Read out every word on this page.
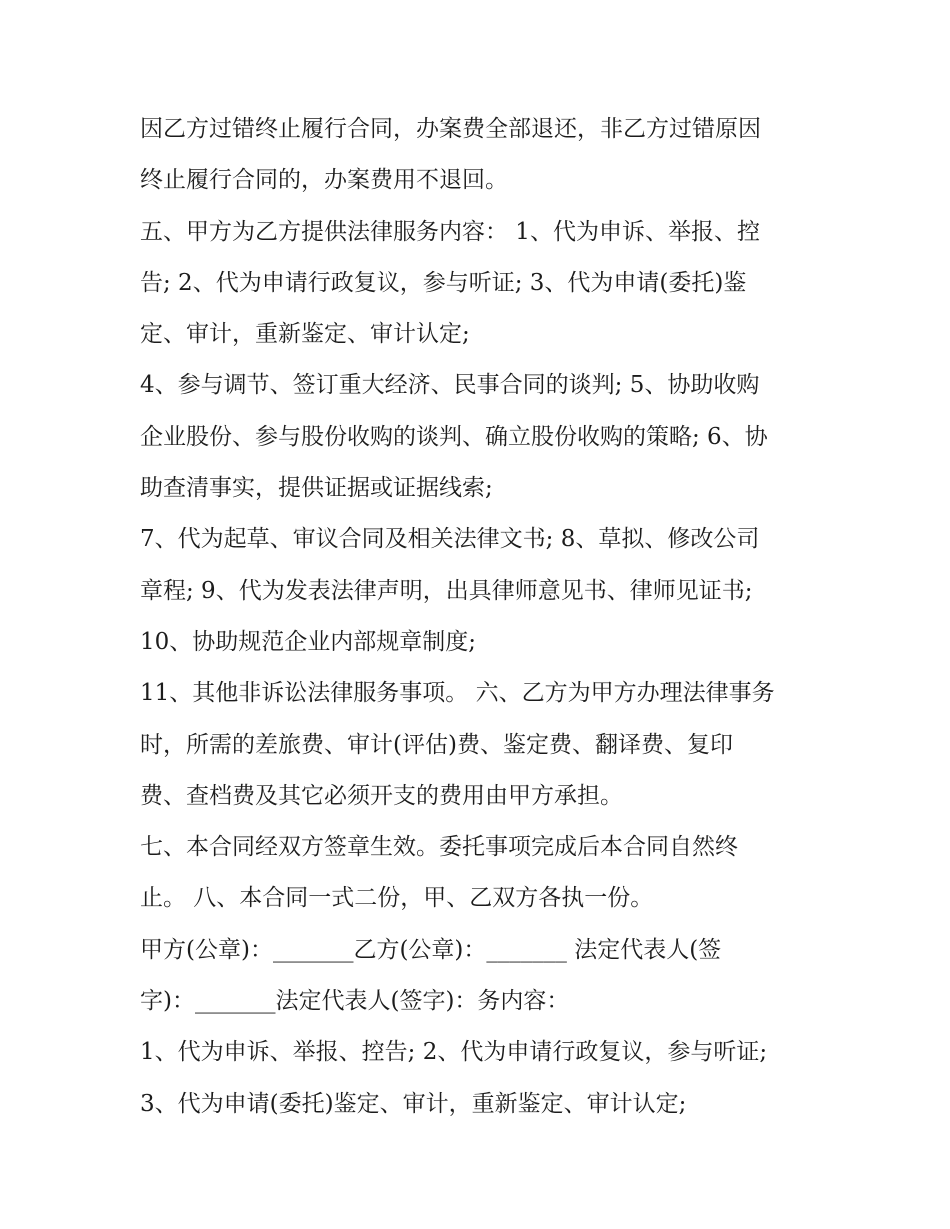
因乙方过错终止履行合同，办案费全部退还，非乙方过错原因
终止履行合同的，办案费用不退回。
五、甲方为乙方提供法律服务内容： 1、代为申诉、举报、控
告; 2、代为申请行政复议，参与听证; 3、代为申请(委托)鉴
定、审计，重新鉴定、审计认定;
4、参与调节、签订重大经济、民事合同的谈判; 5、协助收购
企业股份、参与股份收购的谈判、确立股份收购的策略; 6、协
助查清事实，提供证据或证据线索;
7、代为起草、审议合同及相关法律文书; 8、草拟、修改公司
章程; 9、代为发表法律声明，出具律师意见书、律师见证书;
10、协助规范企业内部规章制度;
11、其他非诉讼法律服务事项。 六、乙方为甲方办理法律事务
时，所需的差旅费、审计(评估)费、鉴定费、翻译费、复印
费、查档费及其它必须开支的费用由甲方承担。
七、本合同经双方签章生效。委托事项完成后本合同自然终
止。 八、本合同一式二份，甲、乙双方各执一份。
甲方(公章)：_______乙方(公章)：_______ 法定代表人(签
字)：_______法定代表人(签字)：务内容：
1、代为申诉、举报、控告; 2、代为申请行政复议，参与听证;
3、代为申请(委托)鉴定、审计，重新鉴定、审计认定;
